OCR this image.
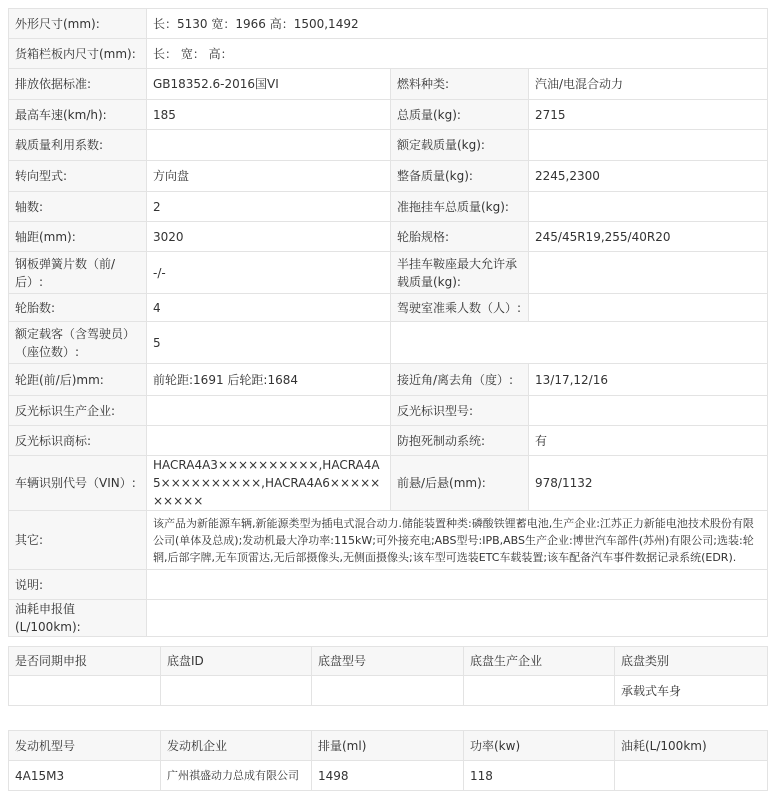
外形尺寸(mm):	长：5130 宽：1966 高：1500,1492		
货箱栏板内尺寸(mm):	长： 宽： 高：		
排放依据标准:	GB18352.6-2016国VI	燃料种类:	汽油/电混合动力
最高车速(km/h):	185	总质量(kg):	2715
载质量利用系数:		额定载质量(kg):	
转向型式:	方向盘	整备质量(kg):	2245,2300
轴数:	2	准拖挂车总质量(kg):	
轴距(mm):	3020	轮胎规格:	245/45R19,255/40R20
钢板弹簧片数（前/后）:	-/-	半挂车鞍座最大允许承载质量(kg):	
轮胎数:	4	驾驶室准乘人数（人）:	
额定载客（含驾驶员）（座位数）:	5		
轮距(前/后)mm:	前轮距:1691 后轮距:1684	接近角/离去角（度）:	13/17,12/16
反光标识生产企业:		反光标识型号:	
反光标识商标:		防抱死制动系统:	有
车辆识别代号（VIN）:	HACRA4A3××××××××××,HACRA4A5××××××××××,HACRA4A6××××××××××	前悬/后悬(mm):	978/1132
其它:	该产品为新能源车辆,新能源类型为插电式混合动力.储能装置种类:磷酸铁锂蓄电池,生产企业:江苏正力新能电池技术股份有限公司(单体及总成);发动机最大净功率:115kW;可外接充电;ABS型号:IPB,ABS生产企业:博世汽车部件(苏州)有限公司;选装:轮辋,后部字牌,无车顶雷达,无后部摄像头,无侧面摄像头;该车型可选装ETC车载装置;该车配备汽车事件数据记录系统(EDR).		
说明:			
油耗申报值(L/100km):			
是否同期申报	底盘ID	底盘型号	底盘生产企业	底盘类别
				承载式车身
发动机型号	发动机企业	排量(ml)	功率(kw)	油耗(L/100km)
4A15M3	广州祺盛动力总成有限公司	1498	118	
